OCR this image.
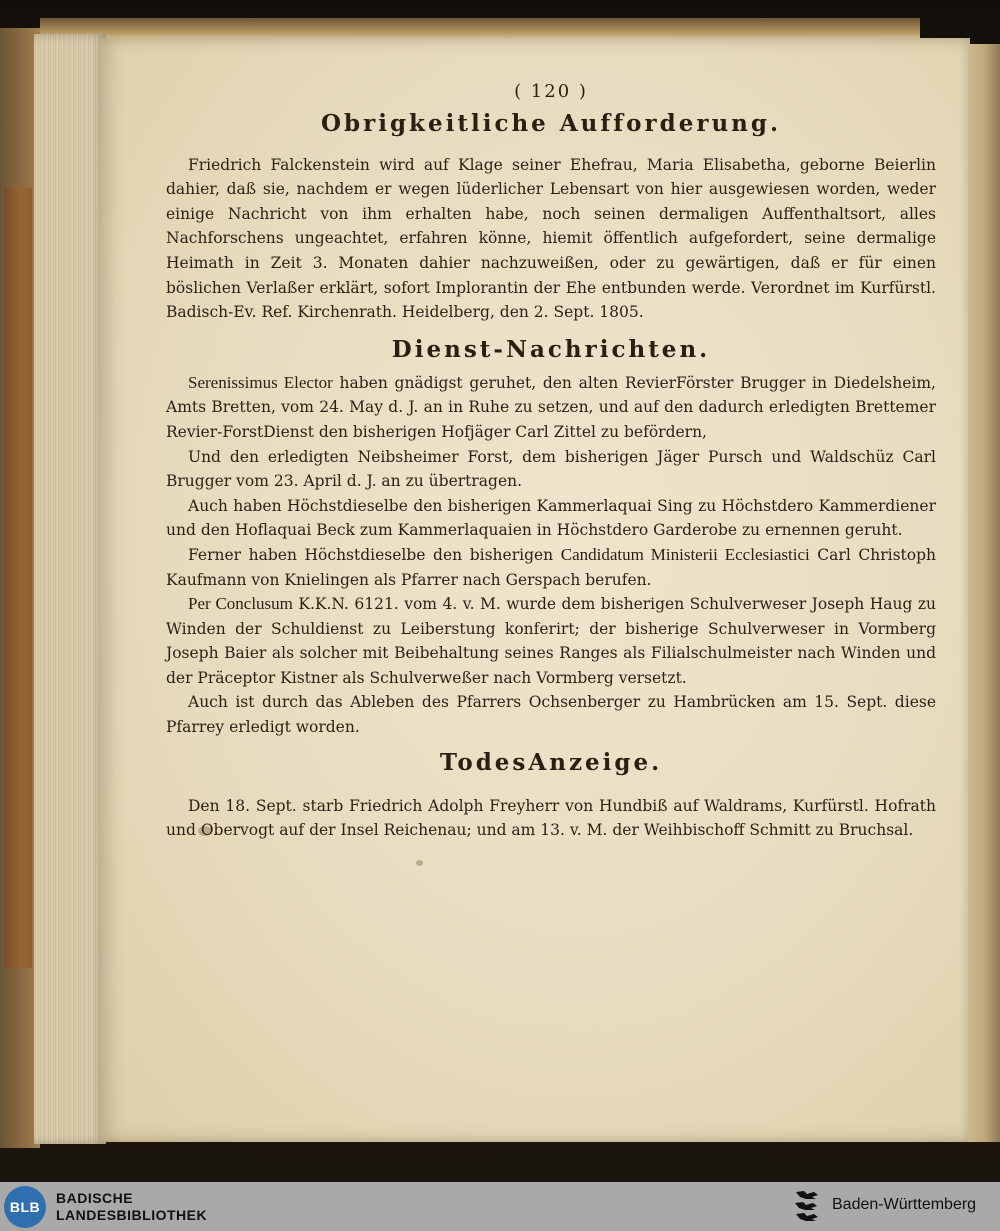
( 120 )
Obrigkeitliche Aufforderung.

Friedrich Falckenstein wird auf Klage seiner Ehefrau, Maria Elisabetha, geborne Beierlin dahier, daß sie, nachdem er wegen lüderlicher Lebensart von hier ausgewiesen worden, weder einige Nachricht von ihm erhalten habe, noch seinen dermaligen Auffenthaltsort, alles Nachforschens ungeachtet, erfahren könne, hiemit öffentlich aufgefordert, seine dermalige Heimath in Zeit 3. Monaten dahier nachzuweißen, oder zu gewärtigen, daß er für einen böslichen Verlaßer erklärt, sofort Implorantin der Ehe entbunden werde. Verordnet im Kurfürstl. Badisch-Ev. Ref. Kirchenrath. Heidelberg, den 2. Sept. 1805.

Dienst-Nachrichten.

Serenissimus Elector haben gnädigst geruhet, den alten RevierFörster Brugger in Diedelsheim, Amts Bretten, vom 24. May d. J. an in Ruhe zu setzen, und auf den dadurch erledigten Brettemer Revier-ForstDienst den bisherigen Hofjäger Carl Zittel zu befördern,

Und den erledigten Neibsheimer Forst, dem bisherigen Jäger Pursch und Waldschüz Carl Brugger vom 23. April d. J. an zu übertragen.

Auch haben Höchstdieselbe den bisherigen Kammerlaquai Sing zu Höchstdero Kammerdiener und den Hoflaquai Beck zum Kammerlaquaien in Höchstdero Garderobe zu ernennen geruht.

Ferner haben Höchstdieselbe den bisherigen Candidatum Ministerii Ecclesiastici Carl Christoph Kaufmann von Knielingen als Pfarrer nach Gerspach berufen.

Per Conclusum K.K.N. 6121. vom 4. v. M. wurde dem bisherigen Schulverweser Joseph Haug zu Winden der Schuldienst zu Leiberstung konferirt; der bisherige Schulverweser in Vormberg Joseph Baier als solcher mit Beibehaltung seines Ranges als Filialschulmeister nach Winden und der Präceptor Kistner als Schulverweßer nach Vormberg versetzt.

Auch ist durch das Ableben des Pfarrers Ochsenberger zu Hambrücken am 15. Sept. diese Pfarrey erledigt worden.

TodesAnzeige.

Den 18. Sept. starb Friedrich Adolph Freyherr von Hundbiß auf Waldrams, Kurfürstl. Hofrath und Obervogt auf der Insel Reichenau; und am 13. v. M. der Weihbischoff Schmitt zu Bruchsal.

BLB
BADISCHE
LANDESBIBLIOTHEK
Baden-Württemberg
